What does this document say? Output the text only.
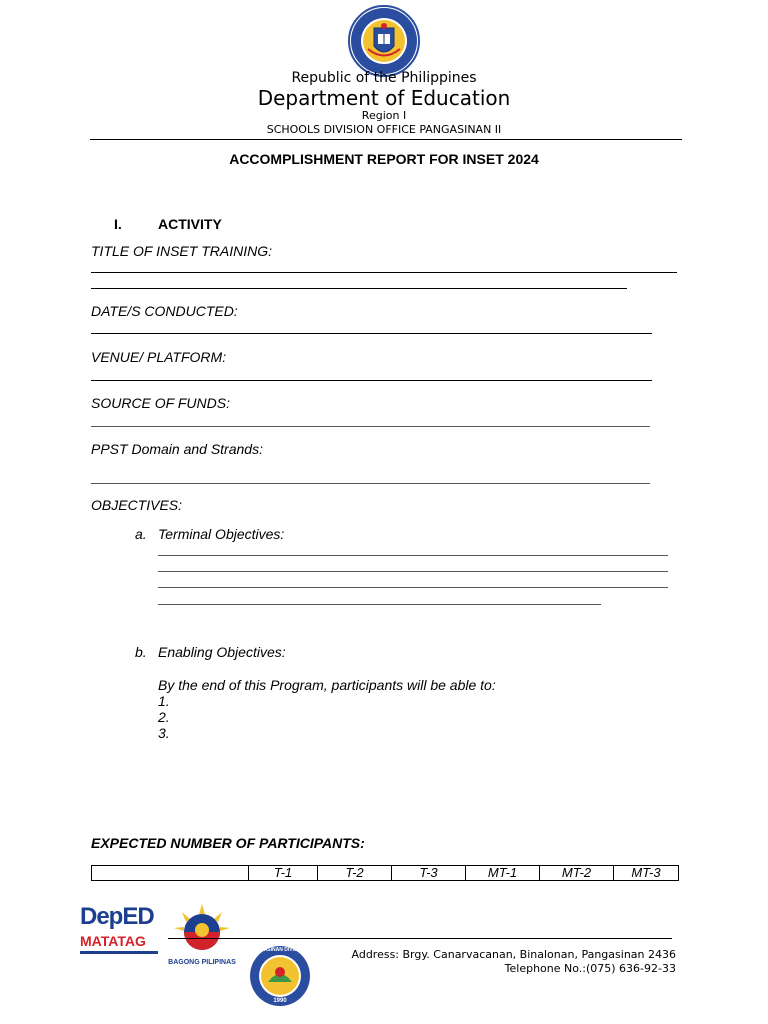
Republic of the Philippines
Department of Education
Region I
SCHOOLS DIVISION OFFICE PANGASINAN II
ACCOMPLISHMENT REPORT FOR INSET 2024
I.	ACTIVITY
TITLE OF INSET TRAINING:
DATE/S CONDUCTED:
VENUE/ PLATFORM:
SOURCE OF FUNDS:
PPST Domain and Strands:
OBJECTIVES:
a. Terminal Objectives:
b. Enabling Objectives:
By the end of this Program, participants will be able to:
1.
2.
3.
EXPECTED NUMBER OF PARTICIPANTS:
	T-1	T-2	T-3	MT-1	MT-2	MT-3
DepED
MATATAG
BAGONG PILIPINAS
PANGASINAN DIVISION II
1990
Address: Brgy. Canarvacanan, Binalonan, Pangasinan 2436
Telephone No.:(075) 636-92-33
